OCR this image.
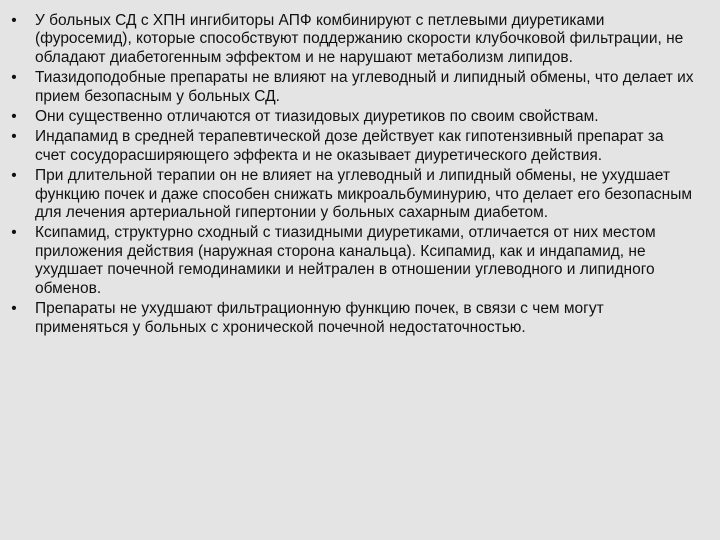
• У больных СД с ХПН ингибиторы АПФ комбинируют с петлевыми диуретиками (фуросемид), которые способствуют поддержанию скорости клубочковой фильтрации, не обладают диабетогенным эффектом и не нарушают метаболизм липидов.
• Тиазидоподобные препараты не влияют на углеводный и липидный обмены, что делает их прием безопасным у больных СД.
• Они существенно отличаются от тиазидовых диуретиков по своим свойствам.
• Индапамид в средней терапевтической дозе действует как гипотензивный препарат за счет сосудорасширяющего эффекта и не оказывает диуретического действия.
• При длительной терапии он не влияет на углеводный и липидный обмены, не ухудшает функцию почек и даже способен снижать микроальбуминурию, что делает его безопасным для лечения артериальной гипертонии у больных сахарным диабетом.
• Ксипамид, структурно сходный с тиазидными диуретиками, отличается от них местом приложения действия (наружная сторона канальца). Ксипамид, как и индапамид, не ухудшает почечной гемодинамики и нейтрален в отношении углеводного и липидного обменов.
• Препараты не ухудшают фильтрационную функцию почек, в связи с чем могут применяться у больных с хронической почечной недостаточностью.
